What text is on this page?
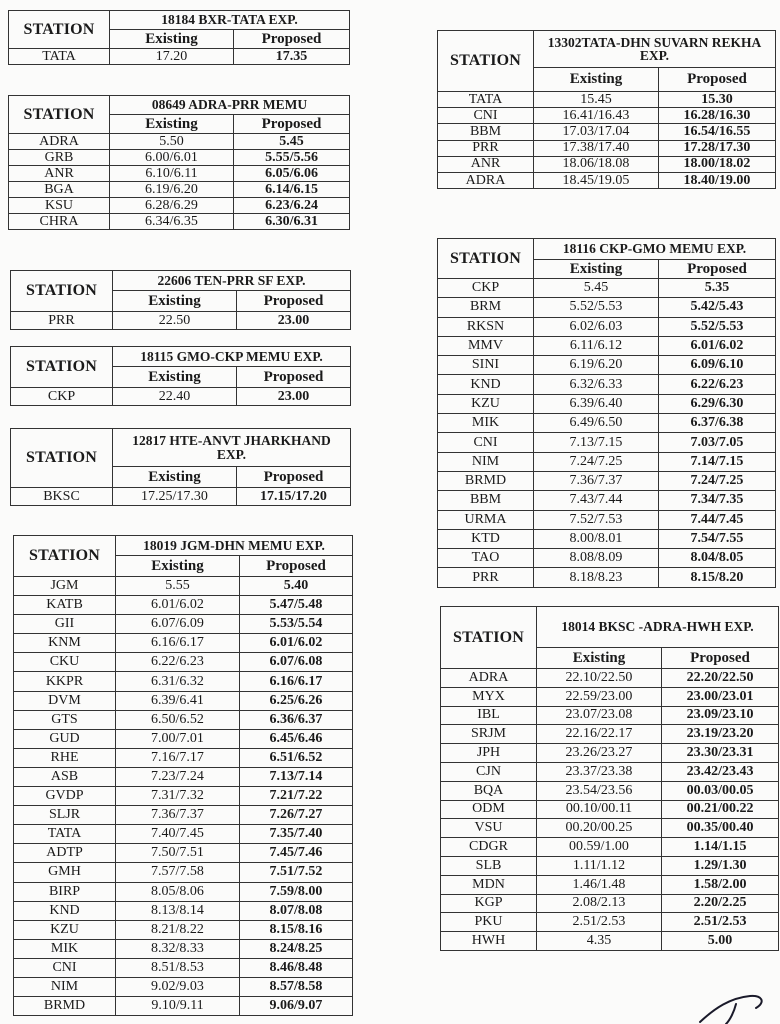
STATION	18184 BXR-TATA EXP.	
	Existing	Proposed
TATA	17.20	17.35
STATION	08649 ADRA-PRR MEMU	
	Existing	Proposed
ADRA	5.50	5.45
GRB	6.00/6.01	5.55/5.56
ANR	6.10/6.11	6.05/6.06
BGA	6.19/6.20	6.14/6.15
KSU	6.28/6.29	6.23/6.24
CHRA	6.34/6.35	6.30/6.31
STATION	22606 TEN-PRR SF EXP.	
	Existing	Proposed
PRR	22.50	23.00
STATION	18115 GMO-CKP MEMU EXP.	
	Existing	Proposed
CKP	22.40	23.00
STATION	12817 HTE-ANVT JHARKHAND EXP.	
	Existing	Proposed
BKSC	17.25/17.30	17.15/17.20
STATION	18019 JGM-DHN MEMU EXP.	
	Existing	Proposed
JGM	5.55	5.40
KATB	6.01/6.02	5.47/5.48
GII	6.07/6.09	5.53/5.54
KNM	6.16/6.17	6.01/6.02
CKU	6.22/6.23	6.07/6.08
KKPR	6.31/6.32	6.16/6.17
DVM	6.39/6.41	6.25/6.26
GTS	6.50/6.52	6.36/6.37
GUD	7.00/7.01	6.45/6.46
RHE	7.16/7.17	6.51/6.52
ASB	7.23/7.24	7.13/7.14
GVDP	7.31/7.32	7.21/7.22
SLJR	7.36/7.37	7.26/7.27
TATA	7.40/7.45	7.35/7.40
ADTP	7.50/7.51	7.45/7.46
GMH	7.57/7.58	7.51/7.52
BIRP	8.05/8.06	7.59/8.00
KND	8.13/8.14	8.07/8.08
KZU	8.21/8.22	8.15/8.16
MIK	8.32/8.33	8.24/8.25
CNI	8.51/8.53	8.46/8.48
NIM	9.02/9.03	8.57/8.58
BRMD	9.10/9.11	9.06/9.07
STATION	13302TATA-DHN SUVARN REKHA EXP.	
	Existing	Proposed
TATA	15.45	15.30
CNI	16.41/16.43	16.28/16.30
BBM	17.03/17.04	16.54/16.55
PRR	17.38/17.40	17.28/17.30
ANR	18.06/18.08	18.00/18.02
ADRA	18.45/19.05	18.40/19.00
STATION	18116 CKP-GMO MEMU EXP.	
	Existing	Proposed
CKP	5.45	5.35
BRM	5.52/5.53	5.42/5.43
RKSN	6.02/6.03	5.52/5.53
MMV	6.11/6.12	6.01/6.02
SINI	6.19/6.20	6.09/6.10
KND	6.32/6.33	6.22/6.23
KZU	6.39/6.40	6.29/6.30
MIK	6.49/6.50	6.37/6.38
CNI	7.13/7.15	7.03/7.05
NIM	7.24/7.25	7.14/7.15
BRMD	7.36/7.37	7.24/7.25
BBM	7.43/7.44	7.34/7.35
URMA	7.52/7.53	7.44/7.45
KTD	8.00/8.01	7.54/7.55
TAO	8.08/8.09	8.04/8.05
PRR	8.18/8.23	8.15/8.20
STATION	18014 BKSC -ADRA-HWH EXP.	
	Existing	Proposed
ADRA	22.10/22.50	22.20/22.50
MYX	22.59/23.00	23.00/23.01
IBL	23.07/23.08	23.09/23.10
SRJM	22.16/22.17	23.19/23.20
JPH	23.26/23.27	23.30/23.31
CJN	23.37/23.38	23.42/23.43
BQA	23.54/23.56	00.03/00.05
ODM	00.10/00.11	00.21/00.22
VSU	00.20/00.25	00.35/00.40
CDGR	00.59/1.00	1.14/1.15
SLB	1.11/1.12	1.29/1.30
MDN	1.46/1.48	1.58/2.00
KGP	2.08/2.13	2.20/2.25
PKU	2.51/2.53	2.51/2.53
HWH	4.35	5.00
